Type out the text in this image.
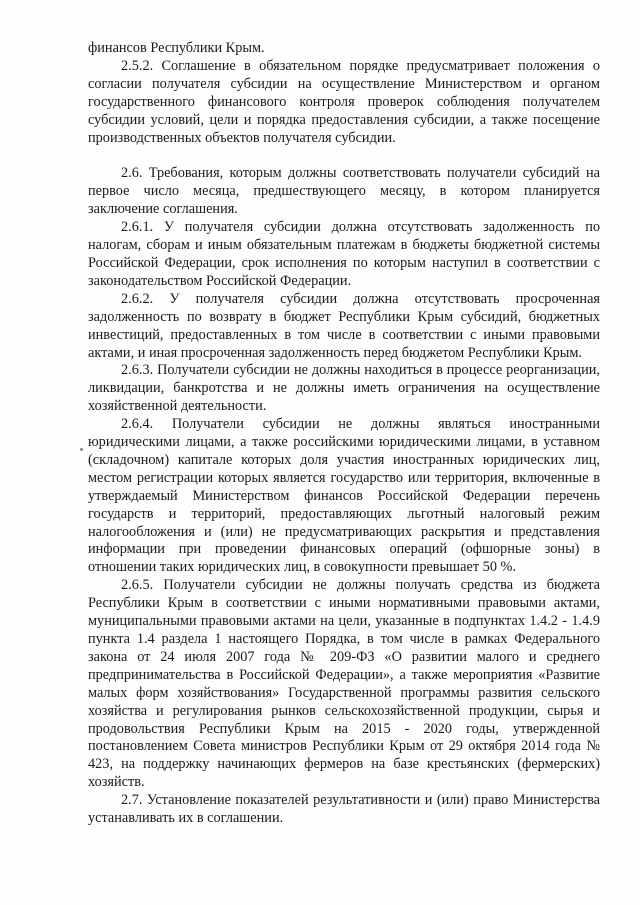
финансов Республики Крым.

2.5.2. Соглашение в обязательном порядке предусматривает положения о согласии получателя субсидии на осуществление Министерством и органом государственного финансового контроля проверок соблюдения получателем субсидии условий, цели и порядка предоставления субсидии, а также посещение производственных объектов получателя субсидии.

2.6. Требования, которым должны соответствовать получатели субсидий на первое число месяца, предшествующего месяцу, в котором планируется заключение соглашения.

2.6.1. У получателя субсидии должна отсутствовать задолженность по налогам, сборам и иным обязательным платежам в бюджеты бюджетной системы Российской Федерации, срок исполнения по которым наступил в соответствии с законодательством Российской Федерации.

2.6.2. У получателя субсидии должна отсутствовать просроченная задолженность по возврату в бюджет Республики Крым субсидий, бюджетных инвестиций, предоставленных в том числе в соответствии с иными правовыми актами, и иная просроченная задолженность перед бюджетом Республики Крым.

2.6.3. Получатели субсидии не должны находиться в процессе реорганизации, ликвидации, банкротства и не должны иметь ограничения на осуществление хозяйственной деятельности.

2.6.4. Получатели субсидии не должны являться иностранными юридическими лицами, а также российскими юридическими лицами, в уставном (складочном) капитале которых доля участия иностранных юридических лиц, местом регистрации которых является государство или территория, включенные в утверждаемый Министерством финансов Российской Федерации перечень государств и территорий, предоставляющих льготный налоговый режим налогообложения и (или) не предусматривающих раскрытия и представления информации при проведении финансовых операций (офшорные зоны) в отношении таких юридических лиц, в совокупности превышает 50 %.

2.6.5. Получатели субсидии не должны получать средства из бюджета Республики Крым в соответствии с иными нормативными правовыми актами, муниципальными правовыми актами на цели, указанные в подпунктах 1.4.2 - 1.4.9 пункта 1.4 раздела 1 настоящего Порядка, в том числе в рамках Федерального закона от 24 июля 2007 года № 209-ФЗ «О развитии малого и среднего предпринимательства в Российской Федерации», а также мероприятия «Развитие малых форм хозяйствования» Государственной программы развития сельского хозяйства и регулирования рынков сельскохозяйственной продукции, сырья и продовольствия Республики Крым на 2015 - 2020 годы, утвержденной постановлением Совета министров Республики Крым от 29 октября 2014 года № 423, на поддержку начинающих фермеров на базе крестьянских (фермерских) хозяйств.

2.7. Установление показателей результативности и (или) право Министерства устанавливать их в соглашении.
